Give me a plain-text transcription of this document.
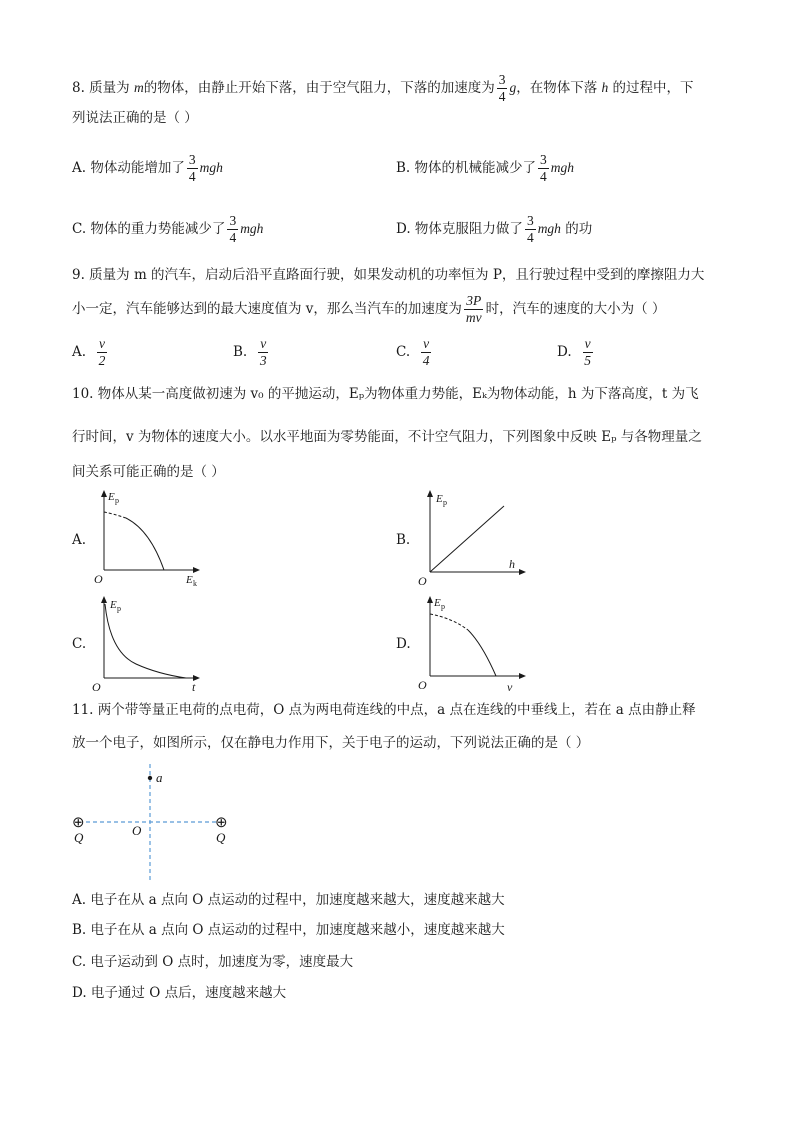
8. 质量为 m的物体，由静止开始下落，由于空气阻力，下落的加速度为 $\frac{3}{4}$ g，在物体下落 h 的过程中，下
列说法正确的是（ ）
A. 物体动能增加了 $\frac{3}{4}$ mgh	B. 物体的机械能减少了 $\frac{3}{4}$ mgh
C. 物体的重力势能减少了 $\frac{3}{4}$ mgh	D. 物体克服阻力做了 $\frac{3}{4}$ mgh 的功
9. 质量为 m 的汽车，启动后沿平直路面行驶，如果发动机的功率恒为 P，且行驶过程中受到的摩擦阻力大
小一定，汽车能够达到的最大速度值为 v，那么当汽车的加速度为 $\frac{3P}{mv}$ 时，汽车的速度的大小为（ ）
A. $\frac{v}{2}$	B. $\frac{v}{3}$	C. $\frac{v}{4}$	D. $\frac{v}{5}$
10. 物体从某一高度做初速为 v₀ 的平抛运动，Eₚ为物体重力势能，Eₖ为物体动能，h 为下落高度，t 为飞
行时间，v 为物体的速度大小。以水平地面为零势能面，不计空气阻力，下列图象中反映 Eₚ 与各物理量之
间关系可能正确的是（ ）
A.
E p
O	E k
B.
E p
O
h
C.
E p
O	t
D.
E p
O	v
11. 两个带等量正电荷的点电荷，O 点为两电荷连线的中点，a 点在连线的中垂线上，若在 a 点由静止释
放一个电子，如图所示，仅在静电力作用下，关于电子的运动，下列说法正确的是（ ）
a
O
⊕
Q
⊕
Q
A. 电子在从 a 点向 O 点运动的过程中，加速度越来越大，速度越来越大
B. 电子在从 a 点向 O 点运动的过程中，加速度越来越小，速度越来越大
C. 电子运动到 O 点时，加速度为零，速度最大
D. 电子通过 O 点后，速度越来越大
